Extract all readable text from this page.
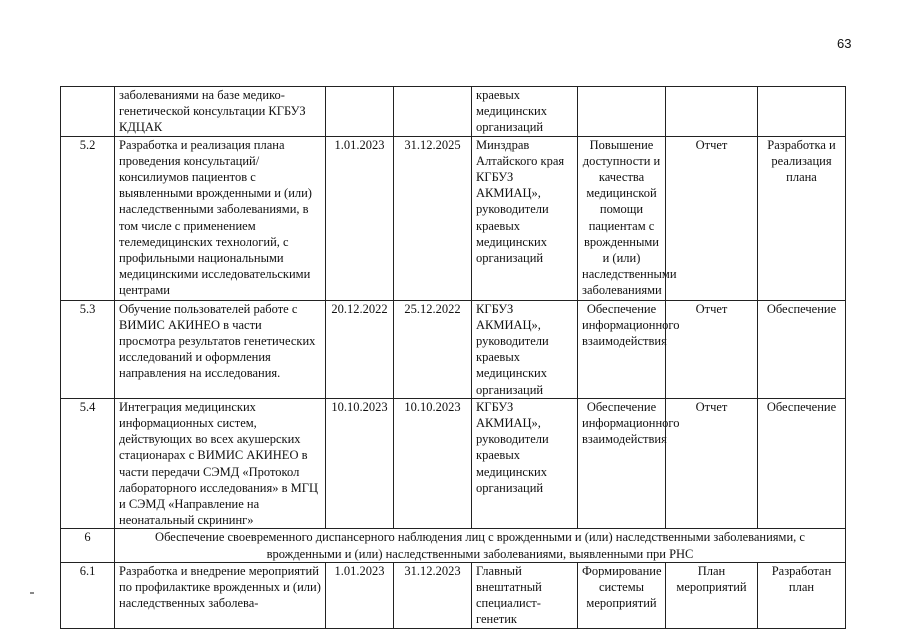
63
	заболеваниями на базе медико-генетической консультации КГБУЗ КДЦАК			краевых медицинских организаций			
5.2	Разработка и реализация плана проведения консультаций/консилиумов пациентов с выявленными врожденными и (или) наследственными заболеваниями, в том числе с применением телемедицинских технологий, с профильными национальными медицинскими исследовательскими центрами	1.01.2023	31.12.2025	Минздрав Алтайского края КГБУЗ АКМИАЦ», руководители краевых медицинских организаций	Повышение доступности и качества медицинской помощи пациентам с врожденными и (или) наследственными заболеваниями	Отчет	Разработка и реализация плана
5.3	Обучение пользователей работе с ВИМИС АКИНЕО в части просмотра результатов генетических исследований и оформления направления на исследования.	20.12.2022	25.12.2022	КГБУЗ АКМИАЦ», руководители краевых медицинских организаций	Обеспечение информационного взаимодействия	Отчет	Обеспечение
5.4	Интеграция медицинских информационных систем, действующих во всех акушерских стационарах с ВИМИС АКИНЕО в части передачи СЭМД «Протокол лабораторного исследования» в МГЦ и СЭМД «Направление на неонатальный скрининг»	10.10.2023	10.10.2023	КГБУЗ АКМИАЦ», руководители краевых медицинских организаций	Обеспечение информационного взаимодействия	Отчет	Обеспечение
6	Обеспечение своевременного диспансерного наблюдения лиц с врожденными и (или) наследственными заболеваниями, с врожденными и (или) наследственными заболеваниями, выявленными при РНС						
6.1	Разработка и внедрение мероприятий по профилактике врожденных и (или) наследственных заболева-	1.01.2023	31.12.2023	Главный внештатный специалист-генетик	Формирование системы мероприятий	План мероприятий	Разработан план
